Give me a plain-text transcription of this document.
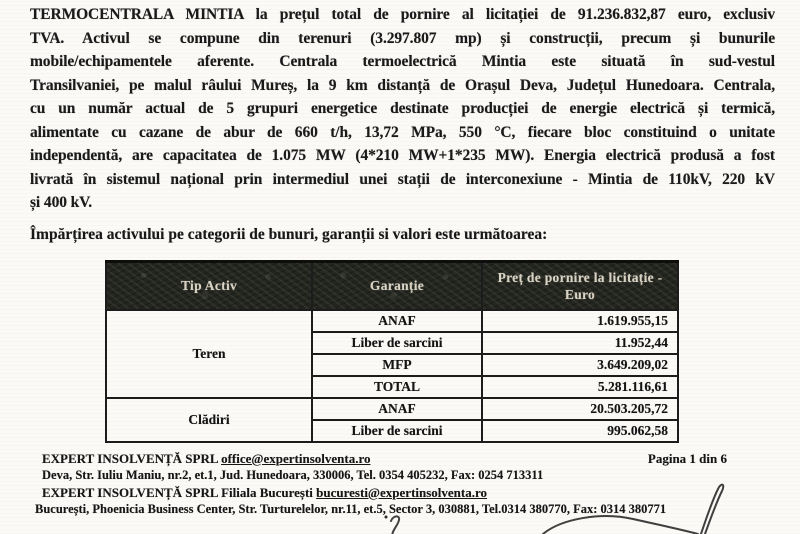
TERMOCENTRALA MINTIA la prețul total de pornire al licitației de 91.236.832,87 euro, exclusiv
TVA. Activul se compune din terenuri (3.297.807 mp) și construcții, precum și bunurile
mobile/echipamentele aferente. Centrala termoelectrică Mintia este situată în sud-vestul
Transilvaniei, pe malul râului Mureș, la 9 km distanță de Orașul Deva, Județul Hunedoara. Centrala,
cu un număr actual de 5 grupuri energetice destinate producției de energie electrică și termică,
alimentate cu cazane de abur de 660 t/h, 13,72 MPa, 550 °C, fiecare bloc constituind o unitate
independentă, are capacitatea de 1.075 MW (4*210 MW+1*235 MW). Energia electrică produsă a fost
livrată în sistemul național prin intermediul unei stații de interconexiune - Mintia de 110kV, 220 kV
și 400 kV.

Împărțirea activului pe categorii de bunuri, garanții si valori este următoarea:

Tip Activ	Garanție	Preț de pornire la licitație -
Euro
Teren	ANAF	1.619.955,15
	Liber de sarcini	11.952,44
	MFP	3.649.209,02
	TOTAL	5.281.116,61
Clădiri	ANAF	20.503.205,72
	Liber de sarcini	995.062,58
EXPERT INSOLVENȚĂ SPRL office@expertinsolventa.ro	Pagina 1 din 6
Deva, Str. Iuliu Maniu, nr.2, et.1, Jud. Hunedoara, 330006, Tel. 0354 405232, Fax: 0254 713311
EXPERT INSOLVENȚĂ SPRL Filiala București bucuresti@expertinsolventa.ro
București, Phoenicia Business Center, Str. Turturelelor, nr.11, et.5, Sector 3, 030881, Tel.0314 380770, Fax: 0314 380771
